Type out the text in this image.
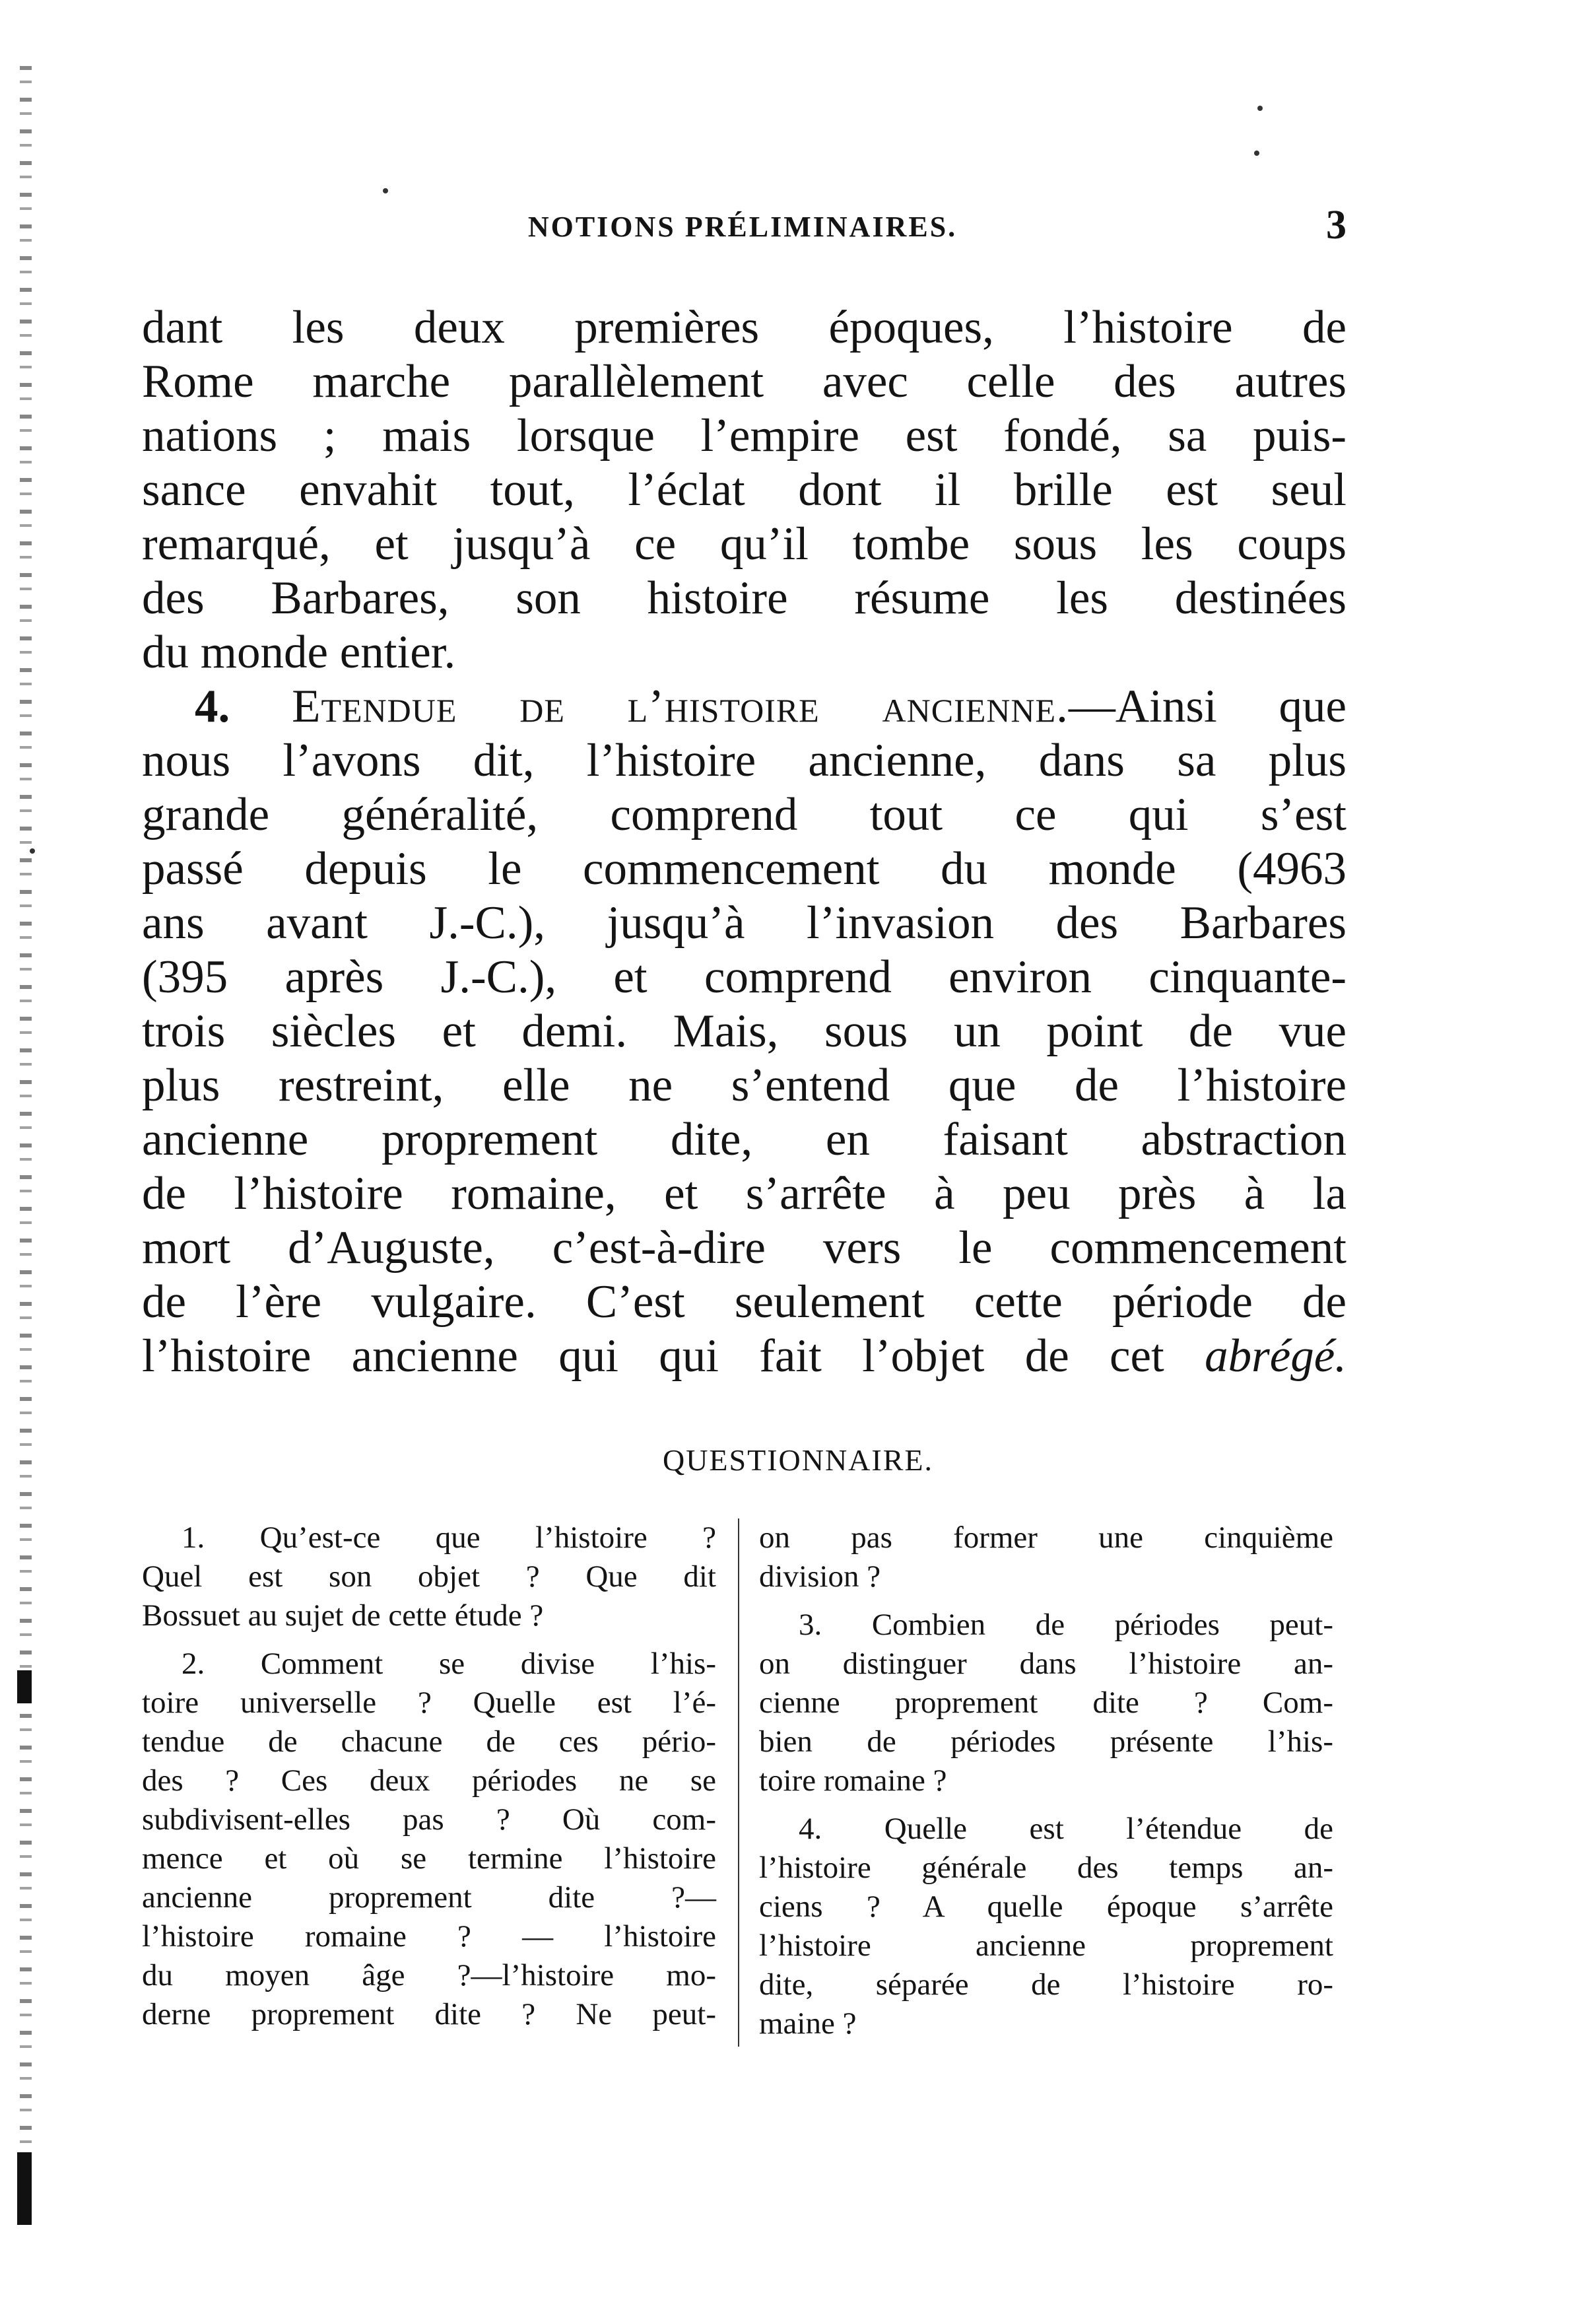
NOTIONS PRÉLIMINAIRES.	3
dant les deux premières époques, l’histoire de
Rome marche parallèlement avec celle des autres
nations ; mais lorsque l’empire est fondé, sa puis-
sance envahit tout, l’éclat dont il brille est seul
remarqué, et jusqu’à ce qu’il tombe sous les coups
des Barbares, son histoire résume les destinées
du monde entier.
4. Etendue de l’histoire ancienne.—Ainsi que
nous l’avons dit, l’histoire ancienne, dans sa plus
grande généralité, comprend tout ce qui s’est
passé depuis le commencement du monde (4963
ans avant J.-C.), jusqu’à l’invasion des Barbares
(395 après J.-C.), et comprend environ cinquante-
trois siècles et demi. Mais, sous un point de vue
plus restreint, elle ne s’entend que de l’histoire
ancienne proprement dite, en faisant abstraction
de l’histoire romaine, et s’arrête à peu près à la
mort d’Auguste, c’est-à-dire vers le commencement
de l’ère vulgaire. C’est seulement cette période de
l’histoire ancienne qui qui fait l’objet de cet abrégé.
QUESTIONNAIRE.
1. Qu’est-ce que l’histoire ?
Quel est son objet ? Que dit
Bossuet au sujet de cette étude ?
2. Comment se divise l’his-
toire universelle ? Quelle est l’é-
tendue de chacune de ces pério-
des ? Ces deux périodes ne se
subdivisent-elles pas ? Où com-
mence et où se termine l’histoire
ancienne proprement dite ?—
l’histoire romaine ? — l’histoire
du moyen âge ?—l’histoire mo-
derne proprement dite ? Ne peut-
on pas former une cinquième
division ?
3. Combien de périodes peut-
on distinguer dans l’histoire an-
cienne proprement dite ? Com-
bien de périodes présente l’his-
toire romaine ?
4. Quelle est l’étendue de
l’histoire générale des temps an-
ciens ? A quelle époque s’arrête
l’histoire ancienne proprement
dite, séparée de l’histoire ro-
maine ?
